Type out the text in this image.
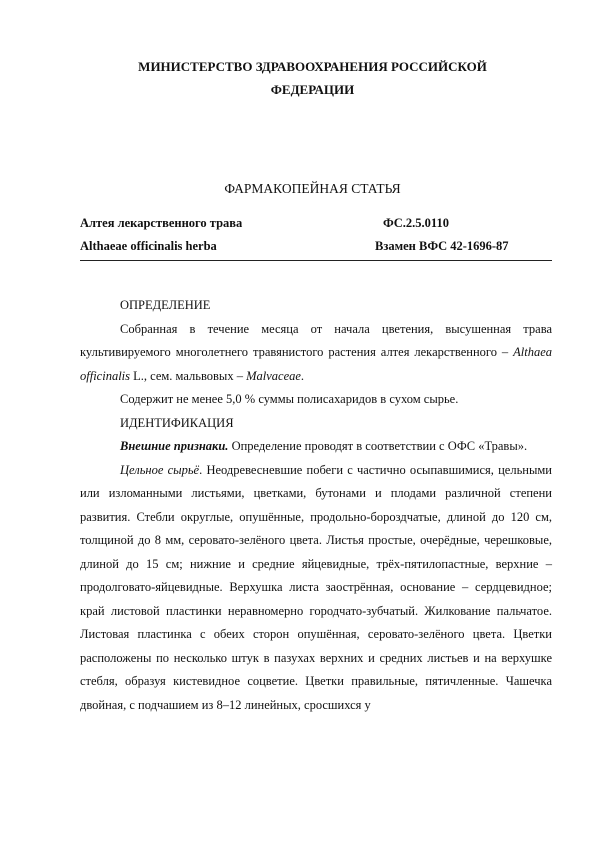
МИНИСТЕРСТВО ЗДРАВООХРАНЕНИЯ РОССИЙСКОЙ
ФЕДЕРАЦИИ
ФАРМАКОПЕЙНАЯ СТАТЬЯ
Алтея лекарственного трава	ФС.2.5.0110
Althaeae officinalis herba	Взамен ВФС 42-1696-87

ОПРЕДЕЛЕНИЕ

Собранная в течение месяца от начала цветения, высушенная трава культивируемого многолетнего травянистого растения алтея лекарственного – Althaea officinalis L., сем. мальвовых – Malvaceae.

Содержит не менее 5,0 % суммы полисахаридов в сухом сырье.

ИДЕНТИФИКАЦИЯ

Внешние признаки. Определение проводят в соответствии с ОФС «Травы».

Цельное сырьё. Неодревесневшие побеги с частично осыпавшимися, цельными или изломанными листьями, цветками, бутонами и плодами различной степени развития. Стебли округлые, опушённые, продольно-бороздчатые, длиной до 120 см, толщиной до 8 мм, серовато-зелёного цвета. Листья простые, очерёдные, черешковые, длиной до 15 см; нижние и средние яйцевидные, трёх-пятилопастные, верхние – продолговато-яйцевидные. Верхушка листа заострённая, основание – сердцевидное; край листовой пластинки неравномерно городчато-зубчатый. Жилкование пальчатое. Листовая пластинка с обеих сторон опушённая, серовато-зелёного цвета. Цветки расположены по несколько штук в пазухах верхних и средних листьев и на верхушке стебля, образуя кистевидное соцветие. Цветки правильные, пятичленные. Чашечка двойная, с подчашием из 8–12 линейных, сросшихся у
